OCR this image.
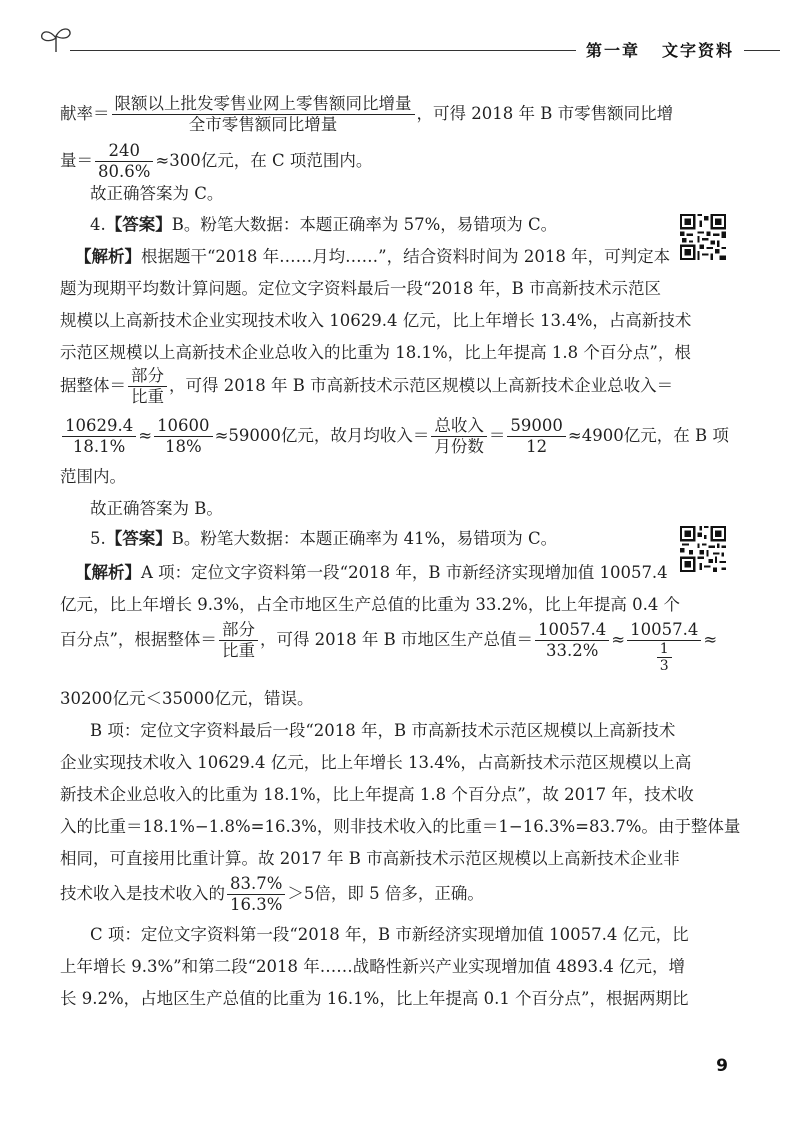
第一章 文字资料
献率＝ $\frac{\text{限额以上批发零售业网上零售额同比增量}}{\text{全市零售额同比增量}}$ ，可得 2018 年 B 市零售额同比增
量＝ $\frac{240}{80.6\%} \approx 300$亿元，在 C 项范围内。
故正确答案为 C。
4.【答案】B。粉笔大数据：本题正确率为 57%，易错项为 C。
【解析】根据题干“2018 年……月均……”，结合资料时间为 2018 年，可判定本
题为现期平均数计算问题。定位文字资料最后一段“2018 年，B 市高新技术示范区
规模以上高新技术企业实现技术收入 10629.4 亿元，比上年增长 13.4%，占高新技术
示范区规模以上高新技术企业总收入的比重为 18.1%，比上年提高 1.8 个百分点”，根
据整体＝ $\frac{\text{部分}}{\text{比重}}$ ，可得 2018 年 B 市高新技术示范区规模以上高新技术企业总收入＝
$\frac{10629.4}{18.1\%} \approx \frac{10600}{18\%} \approx 59000$亿元，故月均收入＝ $\frac{\text{总收入}}{\text{月份数}} = \frac{59000}{12} \approx 4900$亿元，在 B 项
范围内。
故正确答案为 B。
5.【答案】B。粉笔大数据：本题正确率为 41%，易错项为 C。
【解析】A 项：定位文字资料第一段“2018 年，B 市新经济实现增加值 10057.4
亿元，比上年增长 9.3%，占全市地区生产总值的比重为 33.2%，比上年提高 0.4 个
百分点”，根据整体＝ $\frac{\text{部分}}{\text{比重}}$ ，可得 2018 年 B 市地区生产总值＝ $\frac{10057.4}{33.2\%} \approx \frac{10057.4}{\frac{1}{3}}$ ≈
30200亿元＜35000亿元，错误。
B 项：定位文字资料最后一段“2018 年，B 市高新技术示范区规模以上高新技术
企业实现技术收入 10629.4 亿元，比上年增长 13.4%，占高新技术示范区规模以上高
新技术企业总收入的比重为 18.1%，比上年提高 1.8 个百分点”，故 2017 年，技术收
入的比重＝18.1%−1.8%=16.3%，则非技术收入的比重＝1−16.3%=83.7%。由于整体量
相同，可直接用比重计算。故 2017 年 B 市高新技术示范区规模以上高新技术企业非
技术收入是技术收入的 $\frac{83.7\%}{16.3\%} >5$倍，即 5 倍多，正确。
C 项：定位文字资料第一段“2018 年，B 市新经济实现增加值 10057.4 亿元，比
上年增长 9.3%”和第二段“2018 年……战略性新兴产业实现增加值 4893.4 亿元，增
长 9.2%，占地区生产总值的比重为 16.1%，比上年提高 0.1 个百分点”，根据两期比
9
